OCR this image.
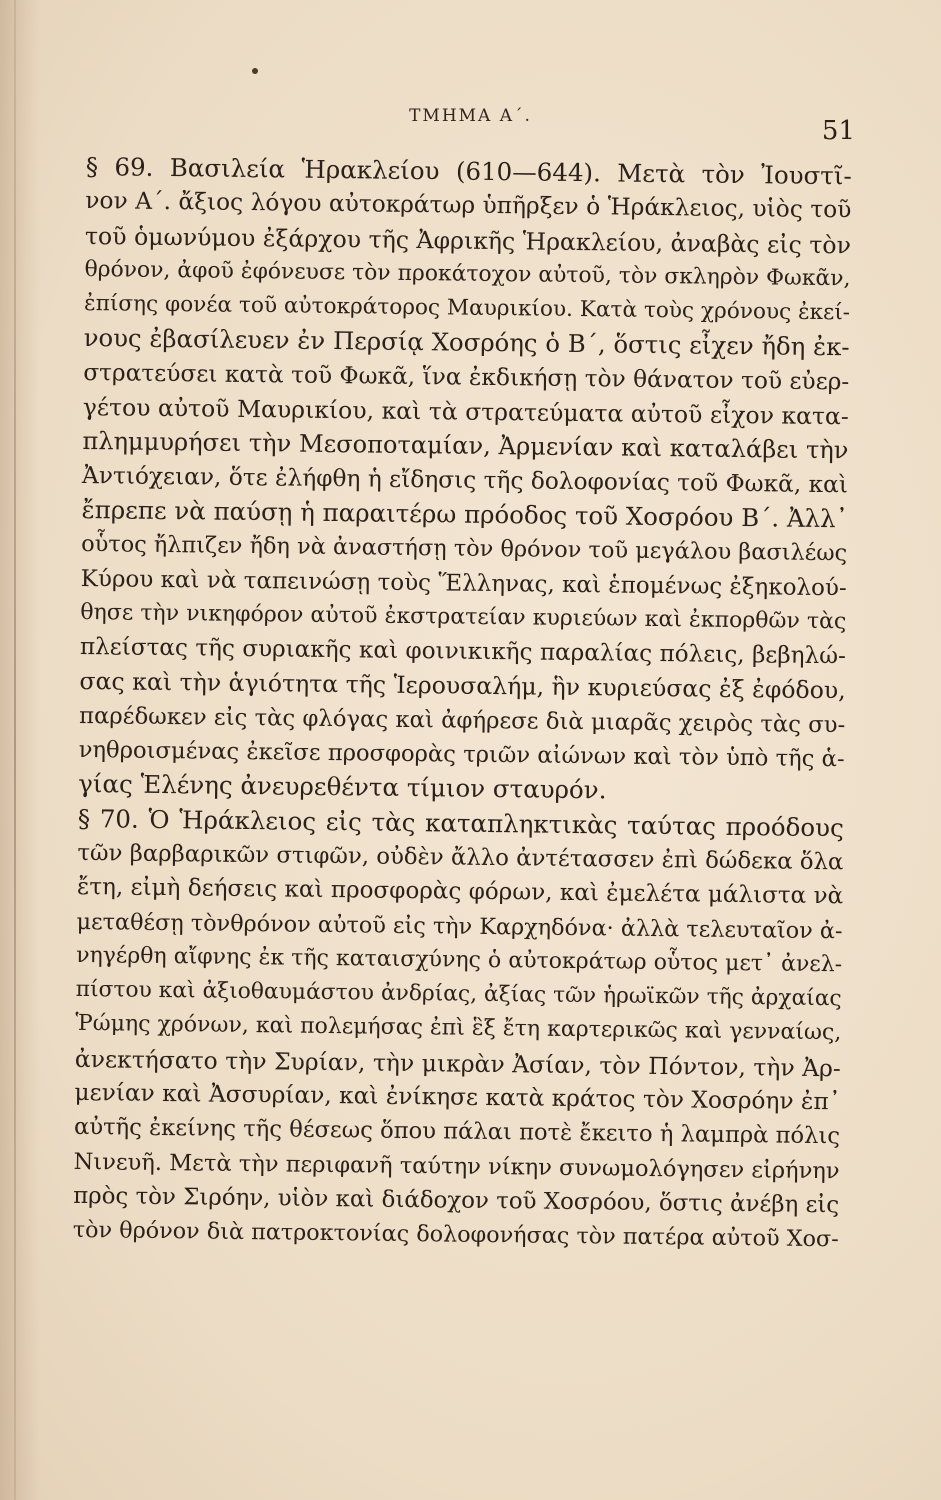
ΤΜΗΜΑ Α΄.	51
§ 69. Βασιλεία Ἡρακλείου (610—644). Μετὰ τὸν Ἰουστῖ-
νον Α΄. ἄξιος λόγου αὐτοκράτωρ ὑπῆρξεν ὁ Ἡράκλειος, υἱὸς τοῦ
τοῦ ὁμωνύμου ἐξάρχου τῆς Ἀφρικῆς Ἡρακλείου, ἀναβὰς εἰς τὸν
θρόνον, ἀφοῦ ἐφόνευσε τὸν προκάτοχον αὐτοῦ, τὸν σκληρὸν Φωκᾶν,
ἐπίσης φονέα τοῦ αὐτοκράτορος Μαυρικίου. Κατὰ τοὺς χρόνους ἐκεί-
νους ἐβασίλευεν ἐν Περσίᾳ Χοσρόης ὁ Β΄, ὅστις εἶχεν ἤδη ἐκ-
στρατεύσει κατὰ τοῦ Φωκᾶ, ἵνα ἐκδικήσῃ τὸν θάνατον τοῦ εὐερ-
γέτου αὐτοῦ Μαυρικίου, καὶ τὰ στρατεύματα αὐτοῦ εἶχον κατα-
πλημμυρήσει τὴν Μεσοποταμίαν, Ἀρμενίαν καὶ καταλάβει τὴν
Ἀντιόχειαν, ὅτε ἐλήφθη ἡ εἴδησις τῆς δολοφονίας τοῦ Φωκᾶ, καὶ
ἔπρεπε νὰ παύσῃ ἡ παραιτέρω πρόοδος τοῦ Χοσρόου Β΄. Ἀλλ᾽
οὗτος ἤλπιζεν ἤδη νὰ ἀναστήσῃ τὸν θρόνον τοῦ μεγάλου βασιλέως
Κύρου καὶ νὰ ταπεινώσῃ τοὺς Ἕλληνας, καὶ ἑπομένως ἐξηκολού-
θησε τὴν νικηφόρον αὐτοῦ ἐκστρατείαν κυριεύων καὶ ἐκπορθῶν τὰς
πλείστας τῆς συριακῆς καὶ φοινικικῆς παραλίας πόλεις, βεβηλώ-
σας καὶ τὴν ἁγιότητα τῆς Ἱερουσαλήμ, ἣν κυριεύσας ἐξ ἐφόδου,
παρέδωκεν εἰς τὰς φλόγας καὶ ἀφήρεσε διὰ μιαρᾶς χειρὸς τὰς συ-
νηθροισμένας ἐκεῖσε προσφορὰς τριῶν αἰώνων καὶ τὸν ὑπὸ τῆς ἁ-
γίας Ἑλένης ἀνευρεθέντα τίμιον σταυρόν.
§ 70. Ὁ Ἡράκλειος εἰς τὰς καταπληκτικὰς ταύτας προόδους
τῶν βαρβαρικῶν στιφῶν, οὐδὲν ἄλλο ἀντέτασσεν ἐπὶ δώδεκα ὅλα
ἔτη, εἰμὴ δεήσεις καὶ προσφορὰς φόρων, καὶ ἐμελέτα μάλιστα νὰ
μεταθέσῃ τὸνθρόνον αὐτοῦ εἰς τὴν Καρχηδόνα· ἀλλὰ τελευταῖον ἀ-
νηγέρθη αἴφνης ἐκ τῆς καταισχύνης ὁ αὐτοκράτωρ οὗτος μετ᾽ ἀνελ-
πίστου καὶ ἀξιοθαυμάστου ἀνδρίας, ἀξίας τῶν ἡρωϊκῶν τῆς ἀρχαίας
Ῥώμης χρόνων, καὶ πολεμήσας ἐπὶ ἓξ ἔτη καρτερικῶς καὶ γενναίως,
ἀνεκτήσατο τὴν Συρίαν, τὴν μικρὰν Ἀσίαν, τὸν Πόντον, τὴν Ἀρ-
μενίαν καὶ Ἀσσυρίαν, καὶ ἐνίκησε κατὰ κράτος τὸν Χοσρόην ἐπ᾽
αὐτῆς ἐκείνης τῆς θέσεως ὅπου πάλαι ποτὲ ἔκειτο ἡ λαμπρὰ πόλις
Νινευῆ. Μετὰ τὴν περιφανῆ ταύτην νίκην συνωμολόγησεν εἰρήνην
πρὸς τὸν Σιρόην, υἱὸν καὶ διάδοχον τοῦ Χοσρόου, ὅστις ἀνέβη εἰς
τὸν θρόνον διὰ πατροκτονίας δολοφονήσας τὸν πατέρα αὐτοῦ Χοσ-
